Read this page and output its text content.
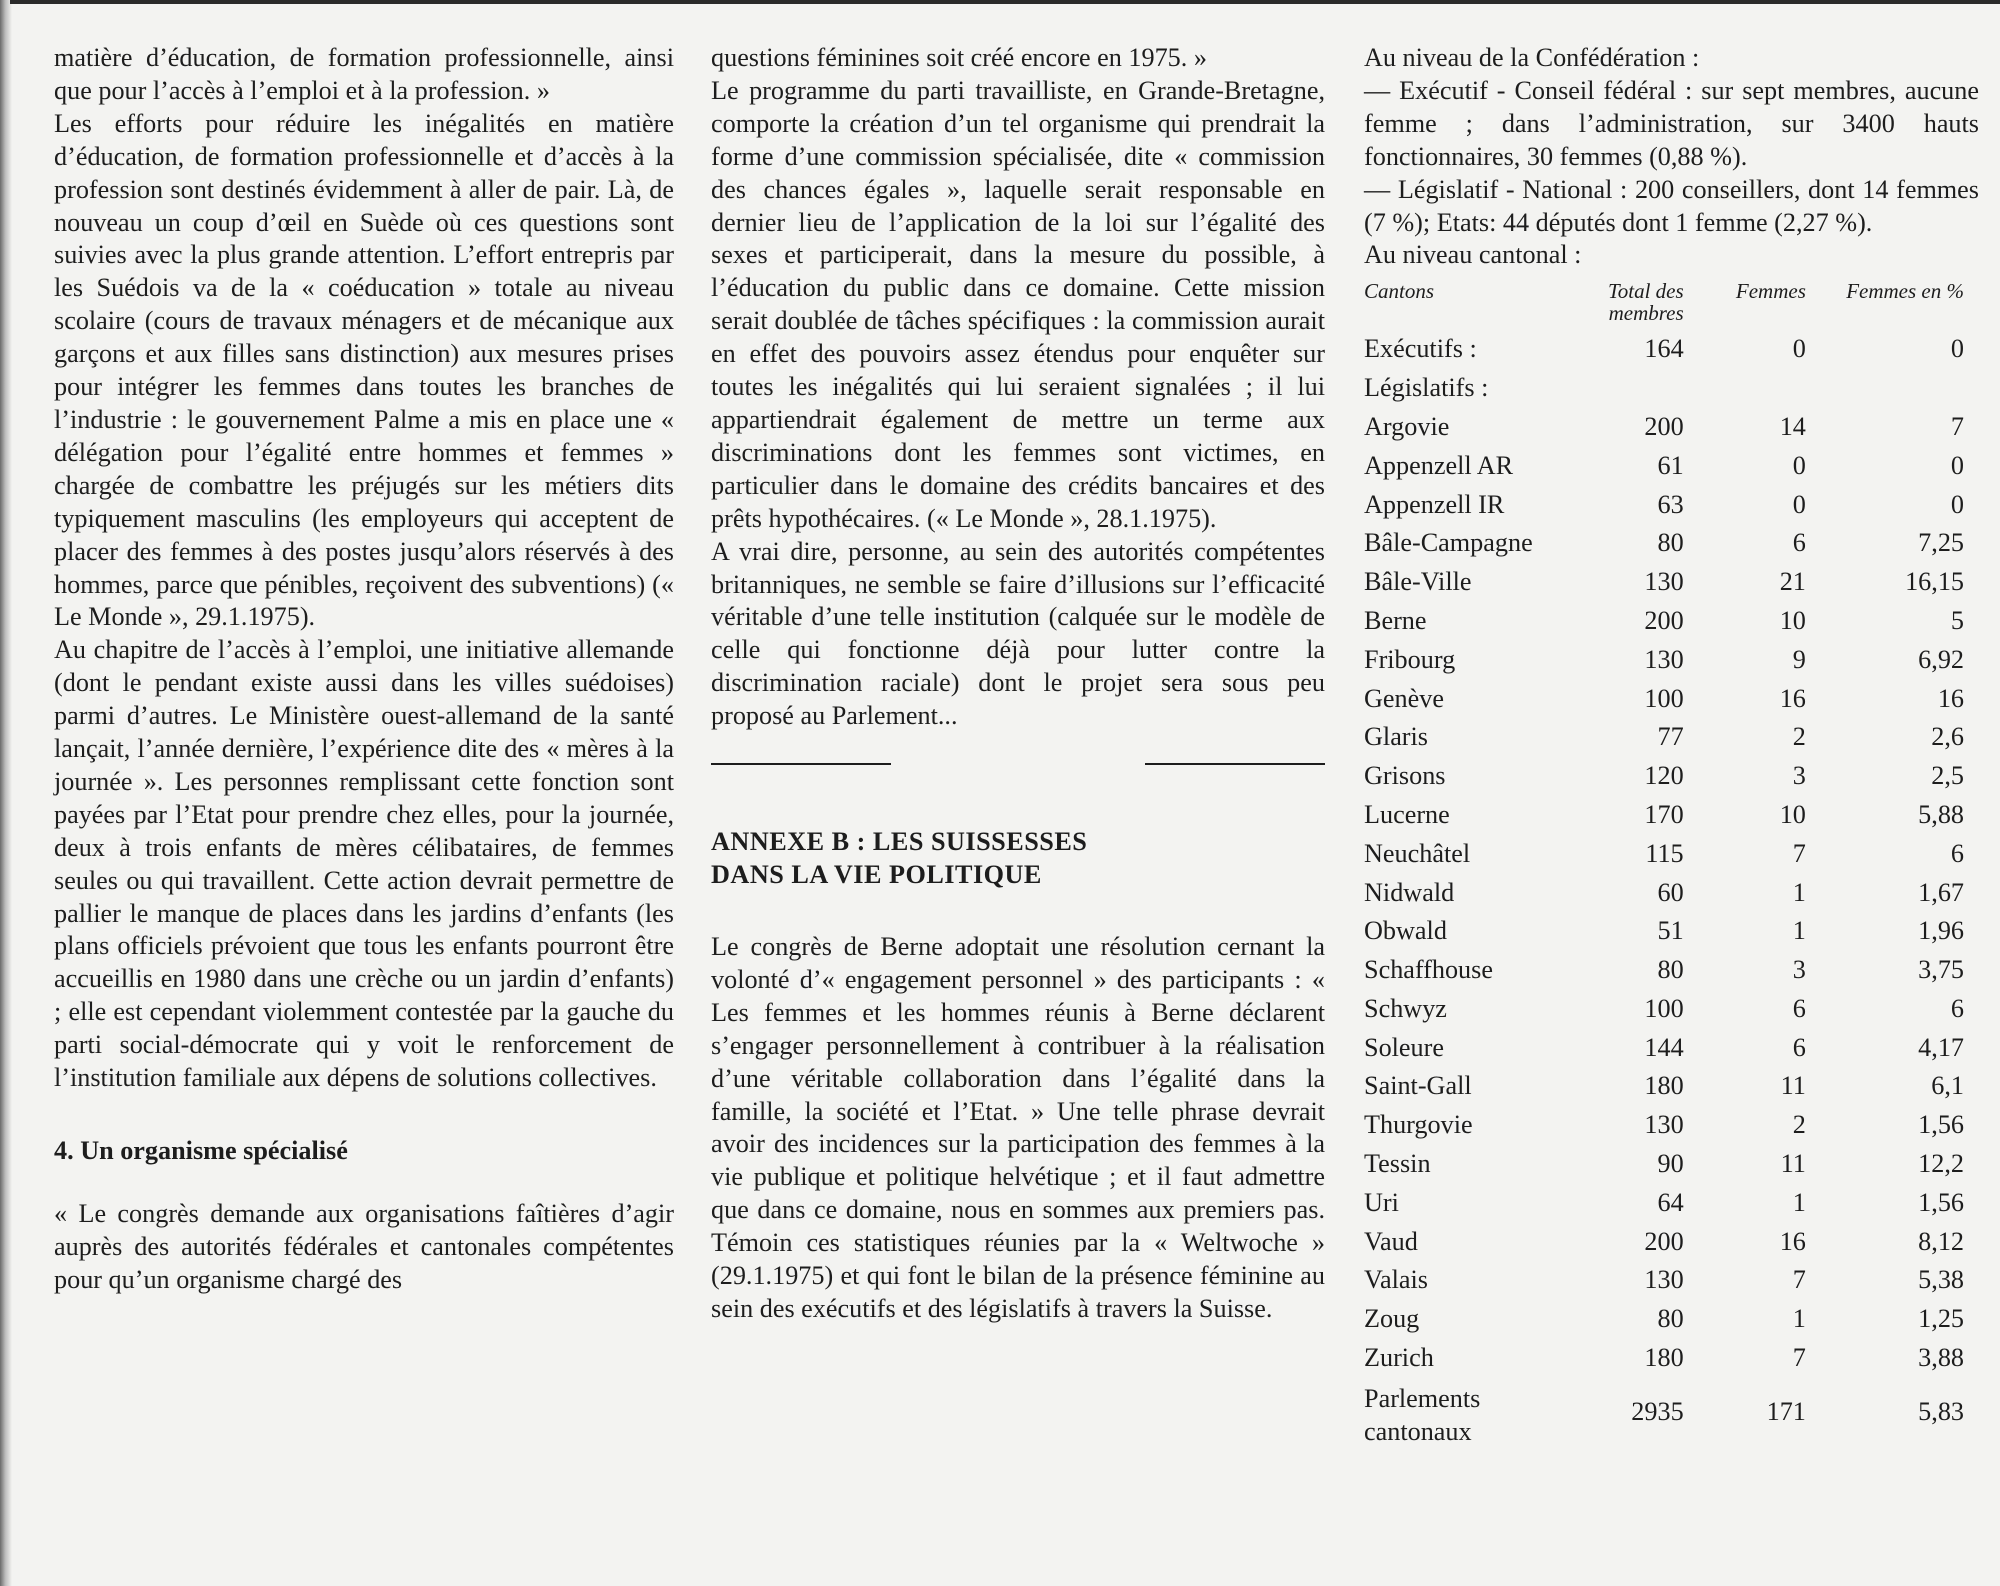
matière d’éducation, de formation professionnelle, ainsi que pour l’accès à l’emploi et à la profession. »

Les efforts pour réduire les inégalités en matière d’éducation, de formation professionnelle et d’accès à la profession sont destinés évidemment à aller de pair. Là, de nouveau un coup d’œil en Suède où ces questions sont suivies avec la plus grande attention. L’effort entrepris par les Suédois va de la « coéducation » totale au niveau scolaire (cours de travaux ménagers et de mécanique aux garçons et aux filles sans distinction) aux mesures prises pour intégrer les femmes dans toutes les branches de l’industrie : le gouvernement Palme a mis en place une « délégation pour l’égalité entre hommes et femmes » chargée de combattre les préjugés sur les métiers dits typiquement masculins (les employeurs qui acceptent de placer des femmes à des postes jusqu’alors réservés à des hommes, parce que pénibles, reçoivent des subventions) (« Le Monde », 29.1.1975).

Au chapitre de l’accès à l’emploi, une initiative allemande (dont le pendant existe aussi dans les villes suédoises) parmi d’autres. Le Ministère ouest-allemand de la santé lançait, l’année dernière, l’expérience dite des « mères à la journée ». Les personnes remplissant cette fonction sont payées par l’Etat pour prendre chez elles, pour la journée, deux à trois enfants de mères célibataires, de femmes seules ou qui travaillent. Cette action devrait permettre de pallier le manque de places dans les jardins d’enfants (les plans officiels prévoient que tous les enfants pourront être accueillis en 1980 dans une crèche ou un jardin d’enfants) ; elle est cependant violemment contestée par la gauche du parti social-démocrate qui y voit le renforcement de l’institution familiale aux dépens de solutions collectives.

4. Un organisme spécialisé

« Le congrès demande aux organisations faîtières d’agir auprès des autorités fédérales et cantonales compétentes pour qu’un organisme chargé des

questions féminines soit créé encore en 1975. »

Le programme du parti travailliste, en Grande-Bretagne, comporte la création d’un tel organisme qui prendrait la forme d’une commission spécialisée, dite « commission des chances égales », laquelle serait responsable en dernier lieu de l’application de la loi sur l’égalité des sexes et participerait, dans la mesure du possible, à l’éducation du public dans ce domaine. Cette mission serait doublée de tâches spécifiques : la commission aurait en effet des pouvoirs assez étendus pour enquêter sur toutes les inégalités qui lui seraient signalées ; il lui appartiendrait également de mettre un terme aux discriminations dont les femmes sont victimes, en particulier dans le domaine des crédits bancaires et des prêts hypothécaires. (« Le Monde », 28.1.1975).

A vrai dire, personne, au sein des autorités compétentes britanniques, ne semble se faire d’illusions sur l’efficacité véritable d’une telle institution (calquée sur le modèle de celle qui fonctionne déjà pour lutter contre la discrimination raciale) dont le projet sera sous peu proposé au Parlement...

ANNEXE B : LES SUISSESSES
DANS LA VIE POLITIQUE

Le congrès de Berne adoptait une résolution cernant la volonté d’« engagement personnel » des participants : « Les femmes et les hommes réunis à Berne déclarent s’engager personnellement à contribuer à la réalisation d’une véritable collaboration dans l’égalité dans la famille, la société et l’Etat. » Une telle phrase devrait avoir des incidences sur la participation des femmes à la vie publique et politique helvétique ; et il faut admettre que dans ce domaine, nous en sommes aux premiers pas. Témoin ces statistiques réunies par la « Weltwoche » (29.1.1975) et qui font le bilan de la présence féminine au sein des exécutifs et des législatifs à travers la Suisse.

Au niveau de la Confédération :

— Exécutif - Conseil fédéral : sur sept membres, aucune femme ; dans l’administration, sur 3400 hauts fonctionnaires, 30 femmes (0,88 %).

— Législatif - National : 200 conseillers, dont 14 femmes (7 %); Etats: 44 députés dont 1 femme (2,27 %).

Au niveau cantonal :

Cantons	Total des membres	Femmes	Femmes en %
Exécutifs :	164	0	0
Législatifs :			
Argovie	200	14	7
Appenzell AR	61	0	0
Appenzell IR	63	0	0
Bâle-Campagne	80	6	7,25
Bâle-Ville	130	21	16,15
Berne	200	10	5
Fribourg	130	9	6,92
Genève	100	16	16
Glaris	77	2	2,6
Grisons	120	3	2,5
Lucerne	170	10	5,88
Neuchâtel	115	7	6
Nidwald	60	1	1,67
Obwald	51	1	1,96
Schaffhouse	80	3	3,75
Schwyz	100	6	6
Soleure	144	6	4,17
Saint-Gall	180	11	6,1
Thurgovie	130	2	1,56
Tessin	90	11	12,2
Uri	64	1	1,56
Vaud	200	16	8,12
Valais	130	7	5,38
Zoug	80	1	1,25
Zurich	180	7	3,88
Parlements cantonaux	2935	171	5,83
